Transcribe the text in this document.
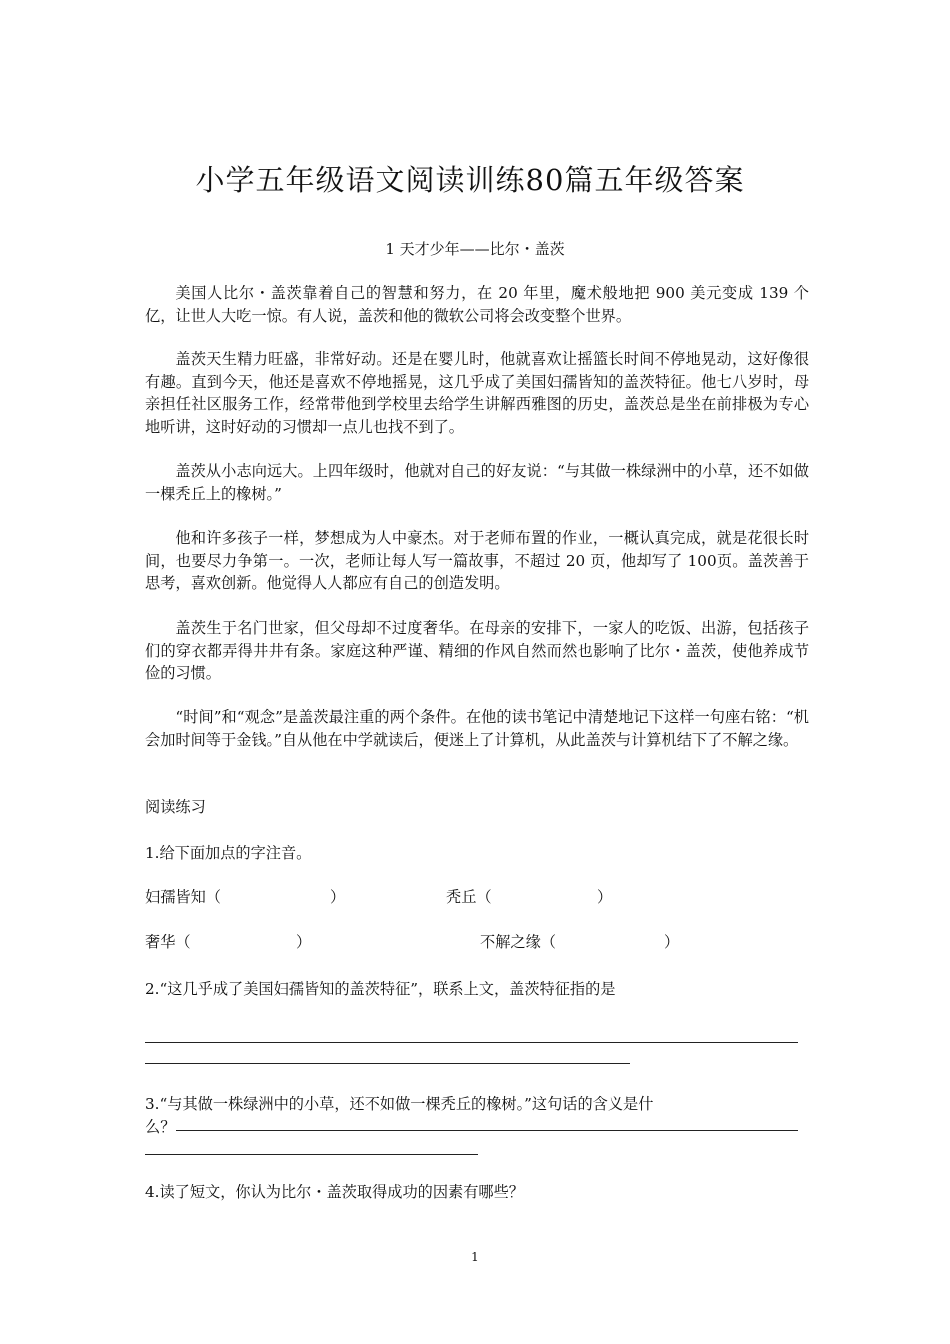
小学五年级语文阅读训练80篇五年级答案
1 天才少年——比尔・盖茨

美国人比尔・盖茨靠着自己的智慧和努力，在 20 年里，魔术般地把 900 美元变成 139 个亿，让世人大吃一惊。有人说，盖茨和他的微软公司将会改变整个世界。

盖茨天生精力旺盛，非常好动。还是在婴儿时，他就喜欢让摇篮长时间不停地晃动，这好像很有趣。直到今天，他还是喜欢不停地摇晃，这几乎成了美国妇孺皆知的盖茨特征。他七八岁时，母亲担任社区服务工作，经常带他到学校里去给学生讲解西雅图的历史，盖茨总是坐在前排极为专心地听讲，这时好动的习惯却一点儿也找不到了。

盖茨从小志向远大。上四年级时，他就对自己的好友说：“与其做一株绿洲中的小草，还不如做一棵秃丘上的橡树。”

他和许多孩子一样，梦想成为人中豪杰。对于老师布置的作业，一概认真完成，就是花很长时间，也要尽力争第一。一次，老师让每人写一篇故事，不超过 20 页，他却写了 100页。盖茨善于思考，喜欢创新。他觉得人人都应有自己的创造发明。

盖茨生于名门世家，但父母却不过度奢华。在母亲的安排下，一家人的吃饭、出游，包括孩子们的穿衣都弄得井井有条。家庭这种严谨、精细的作风自然而然也影响了比尔・盖茨，使他养成节俭的习惯。

“时间”和“观念”是盖茨最注重的两个条件。在他的读书笔记中清楚地记下这样一句座右铭：“机会加时间等于金钱。”自从他在中学就读后，便迷上了计算机，从此盖茨与计算机结下了不解之缘。

阅读练习
1.给下面加点的字注音。
妇孺皆知（	）	秃丘（	）
奢华（	）	不解之缘（	）
2.“这几乎成了美国妇孺皆知的盖茨特征”，联系上文，盖茨特征指的是
3.“与其做一株绿洲中的小草，还不如做一棵秃丘的橡树。”这句话的含义是什
么？
4.读了短文，你认为比尔・盖茨取得成功的因素有哪些？
1
